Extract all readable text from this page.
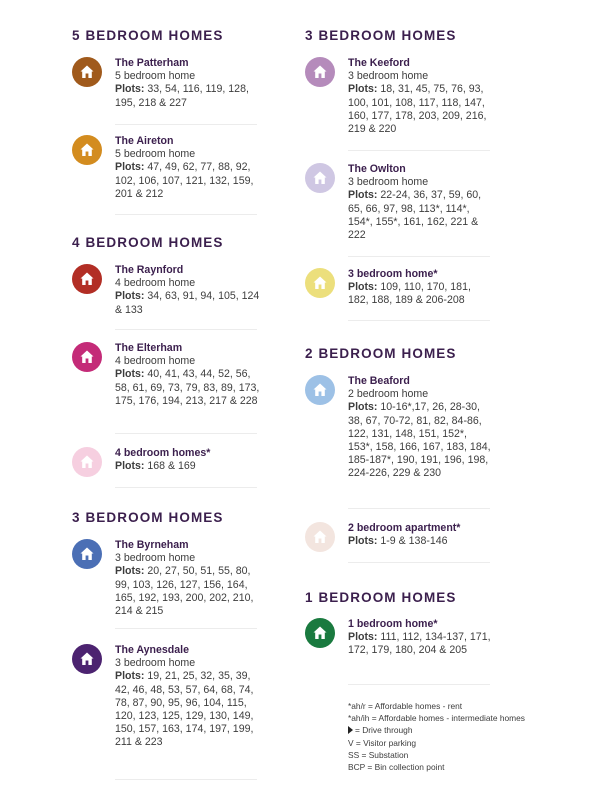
5 BEDROOM HOMES
The Patterham
5 bedroom home
Plots: 33, 54, 116, 119, 128, 195, 218 & 227
The Aireton
5 bedroom home
Plots: 47, 49, 62, 77, 88, 92, 102, 106, 107, 121, 132, 159, 201 & 212
4 BEDROOM HOMES
The Raynford
4 bedroom home
Plots: 34, 63, 91, 94, 105, 124 & 133
The Elterham
4 bedroom home
Plots: 40, 41, 43, 44, 52, 56, 58, 61, 69, 73, 79, 83, 89, 173, 175, 176, 194, 213, 217 & 228
4 bedroom homes*
Plots: 168 & 169
3 BEDROOM HOMES
The Byrneham
3 bedroom home
Plots: 20, 27, 50, 51, 55, 80, 99, 103, 126, 127, 156, 164, 165, 192, 193, 200, 202, 210, 214 & 215
The Aynesdale
3 bedroom home
Plots: 19, 21, 25, 32, 35, 39, 42, 46, 48, 53, 57, 64, 68, 74, 78, 87, 90, 95, 96, 104, 115, 120, 123, 125, 129, 130, 149, 150, 157, 163, 174, 197, 199, 211 & 223
3 BEDROOM HOMES
The Keeford
3 bedroom home
Plots: 18, 31, 45, 75, 76, 93, 100, 101, 108, 117, 118, 147, 160, 177, 178, 203, 209, 216, 219 & 220
The Owlton
3 bedroom home
Plots: 22-24, 36, 37, 59, 60, 65, 66, 97, 98, 113*, 114*, 154*, 155*, 161, 162, 221 & 222
3 bedroom home*
Plots: 109, 110, 170, 181, 182, 188, 189 & 206-208
2 BEDROOM HOMES
The Beaford
2 bedroom home
Plots: 10-16*,17, 26, 28-30, 38, 67, 70-72, 81, 82, 84-86, 122, 131, 148, 151, 152*, 153*, 158, 166, 167, 183, 184, 185-187*, 190, 191, 196, 198, 224-226, 229 & 230
2 bedroom apartment*
Plots: 1-9 & 138-146
1 BEDROOM HOMES
1 bedroom home*
Plots: 111, 112, 134-137, 171, 172, 179, 180, 204 & 205
*ah/r = Affordable homes - rent
*ah/ih = Affordable homes - intermediate homes
= Drive through
V = Visitor parking
SS = Substation
BCP = Bin collection point
